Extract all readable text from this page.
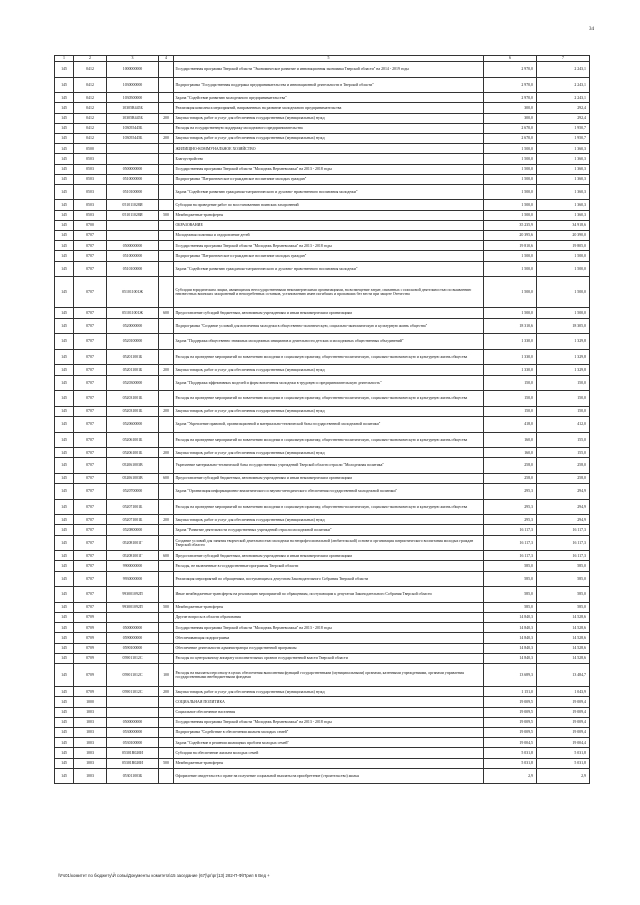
34
1	2	3	4	5	6	7
145	0412	1000000000		Государственная программа Тверской области "Экономическое развитие и инновационная экономика Тверской области" на 2014 - 2019 годы	2 970,0	2 243,1
145	0412	1030000000		Подпрограмма "Государственная поддержка предпринимательства и инновационной деятельности в Тверской области"	2 970,0	2 243,1
145	0412	1030500000		Задача "Содействие развитию молодежного предпринимательства"	2 970,0	2 243,1
145	0412	10305R445Б		Реализация комплекса мероприятий, направленных на развитие молодежного предпринимательства	300,0	292,4
145	0412	10305R445Б	200	Закупка товаров, работ и услуг для обеспечения государственных (муниципальных) нужд	300,0	292,4
145	0412	103055445Б		Расходы на государственную поддержку молодежного предпринимательства	2 670,0	1 950,7
145	0412	103055445Б	200	Закупка товаров, работ и услуг для обеспечения государственных (муниципальных) нужд	2 670,0	1 950,7
145	0500			ЖИЛИЩНО-КОММУНАЛЬНОЕ ХОЗЯЙСТВО	1 500,0	1 360,3
145	0503			Благоустройство	1 500,0	1 360,3
145	0503	0500000000		Государственная программа Тверской области "Молодежь Верхневолжья" на 2013 - 2018 годы	1 500,0	1 360,3
145	0503	0510000000		Подпрограмма "Патриотическое и гражданское воспитание молодых граждан"	1 500,0	1 360,3
145	0503	0510100000		Задача "Содействие развитию гражданско-патриотического и духовно- нравственного воспитания молодежи"	1 500,0	1 360,3
145	0503	051011028И		Субсидии на проведение работ по восстановлению воинских захоронений	1 500,0	1 360,3
145	0503	051011028И	500	Межбюджетные трансферты	1 500,0	1 360,3
145	0700			ОБРАЗОВАНИЕ	35 235,9	34 918,6
145	0707			Молодежная политика и оздоровление детей	20 395,6	20 390,0
145	0707	0500000000		Государственная программа Тверской области "Молодежь Верхневолжья" на 2013 - 2018 годы	19 810,6	19 805,0
145	0707	0510000000		Подпрограмма "Патриотическое и гражданское воспитание молодых граждан"	1 500,0	1 500,0
145	0707	0510100000		Задача "Содействие развитию гражданско-патриотического и духовно- нравственного воспитания молодежи"	1 500,0	1 500,0
145	0707	051011001Ж		Субсидии юридическим лицам, являющимся негосударственными некоммерческими организациями, на возмещение затрат, связанных с поисковой деятельностью по выявлению неизвестных воинских захоронений и непогребенных останков, установлению имен погибших и пропавших без вести при защите Отечества	1 500,0	1 500,0
145	0707	051011001Ж	600	Предоставление субсидий бюджетным, автономным учреждениям и иным некоммерческим организациям	1 500,0	1 500,0
145	0707	0520000000		Подпрограмма "Создание условий для вовлечения молодежи в общественно-политическую, социально-экономическую и культурную жизнь общества"	18 310,6	18 305,0
145	0707	0520100000		Задача "Поддержка общественно значимых молодежных инициатив и деятельности детских и молодежных общественных объединений"	1 330,0	1 329,8
145	0707	052011001Б		Расходы на проведение мероприятий по вовлечению молодежи в социальную практику, общественно-политическую, социально-экономическую и культурную жизнь общества	1 330,0	1 329,8
145	0707	052011001Б	200	Закупка товаров, работ и услуг для обеспечения государственных (муниципальных) нужд	1 330,0	1 329,8
145	0707	0520300000		Задача "Поддержка эффективных моделей и форм вовлечения молодежи в трудовую и предпринимательскую деятельность"	150,0	150,0
145	0707	052031001Б		Расходы на проведение мероприятий по вовлечению молодежи в социальную практику, общественно-политическую, социально-экономическую и культурную жизнь общества	150,0	150,0
145	0707	052031001Б	200	Закупка товаров, работ и услуг для обеспечения государственных (муниципальных) нужд	150,0	150,0
145	0707	0520600000		Задача "Укрепление правовой, организационной и материально-технической базы государственной молодежной политики"	418,0	412,0
145	0707	052061001Б		Расходы на проведение мероприятий по вовлечению молодежи в социальную практику, общественно-политическую, социально-экономическую и культурную жизнь общества	160,0	155,0
145	0707	052061001Б	200	Закупка товаров, работ и услуг для обеспечения государственных (муниципальных) нужд	160,0	155,0
145	0707	052061003В		Укрепление материально-технической базы государственных учреждений Тверской области отрасли "Молодежная политика"	258,0	258,0
145	0707	052061003В	600	Предоставление субсидий бюджетным, автономным учреждениям и иным некоммерческим организациям	258,0	258,0
145	0707	0520700000		Задача "Организация информационно-аналитического и научно-методического обеспечения государственной молодежной политики"	295,3	294,9
145	0707	052071001Б		Расходы на проведение мероприятий по вовлечению молодежи в социальную практику, общественно-политическую, социально-экономическую и культурную жизнь общества	295,3	294,9
145	0707	052071001Б	200	Закупка товаров, работ и услуг для обеспечения государственных (муниципальных) нужд	295,3	294,9
145	0707	0520800000		Задача "Развитие деятельности государственных учреждений отрасли молодежной политики"	16 117,3	16 117,3
145	0707	052081001Г		Создание условий для занятия творческой деятельностью молодежи на непрофессиональной (любительской) основе и организация патриотического воспитания молодых граждан Тверской области	16 117,3	16 117,3
145	0707	052081001Г	600	Предоставление субсидий бюджетным, автономным учреждениям и иным некоммерческим организациям	16 117,3	16 117,3
145	0707	9900000000		Расходы, не включенные в государственные программы Тверской области	585,0	585,0
145	0707	9930000000		Реализация мероприятий по обращениям, поступающим к депутатам Законодательного Собрания Тверской области	585,0	585,0
145	0707	993001092П		Иные межбюджетные трансферты на реализацию мероприятий по обращениям, поступающим к депутатам Законодательного Собрания Тверской области	585,0	585,0
145	0707	993001092П	500	Межбюджетные трансферты	585,0	585,0
145	0709			Другие вопросы в области образования	14 840,3	14 528,6
145	0709	0500000000		Государственная программа Тверской области "Молодежь Верхневолжья" на 2013 - 2018 годы	14 840,3	14 528,6
145	0709	0590000000		Обеспечивающая подпрограмма	14 840,3	14 528,6
145	0709	0590100000		Обеспечение деятельности администратора государственной программы	14 840,3	14 528,6
145	0709	059011012С		Расходы по центральному аппарату исполнительных органов государственной власти Тверской области	14 840,3	14 528,6
145	0709	059011012С	100	Расходы на выплаты персоналу в целях обеспечения выполнения функций государственными (муниципальными) органами, казенными учреждениями, органами управления государственными внебюджетными фондами	13 689,3	13 484,7
145	0709	059011012С	200	Закупка товаров, работ и услуг для обеспечения государственных (муниципальных) нужд	1 151,0	1 043,9
145	1000			СОЦИАЛЬНАЯ ПОЛИТИКА	19 009,5	19 009,4
145	1003			Социальное обеспечение населения	19 009,5	19 009,4
145	1003	0500000000		Государственная программа Тверской области "Молодежь Верхневолжья" на 2013 - 2018 годы	19 009,5	19 009,4
145	1003	0530000000		Подпрограмма "Содействие в обеспечении жильем молодых семей"	19 009,5	19 009,4
145	1003	0530100000		Задача "Содействие в решении жилищных проблем молодых семей"	19 004,5	19 004,4
145	1003	05301R020И		Субсидии на обеспечение жильем молодых семей	5 031,8	5 031,8
145	1003	05301R020И	500	Межбюджетные трансферты	5 031,8	5 031,8
145	1003	053011003Б		Оформление свидетельств о праве на получение социальной выплаты на приобретение (строительство) жилья	2,9	2,9
\\Fs01\комитет по бюджету\Й совы\Документы комитета\15 заседание (67)\рг\рг(13) 282-П-Ф\Прил 6 Вед +
